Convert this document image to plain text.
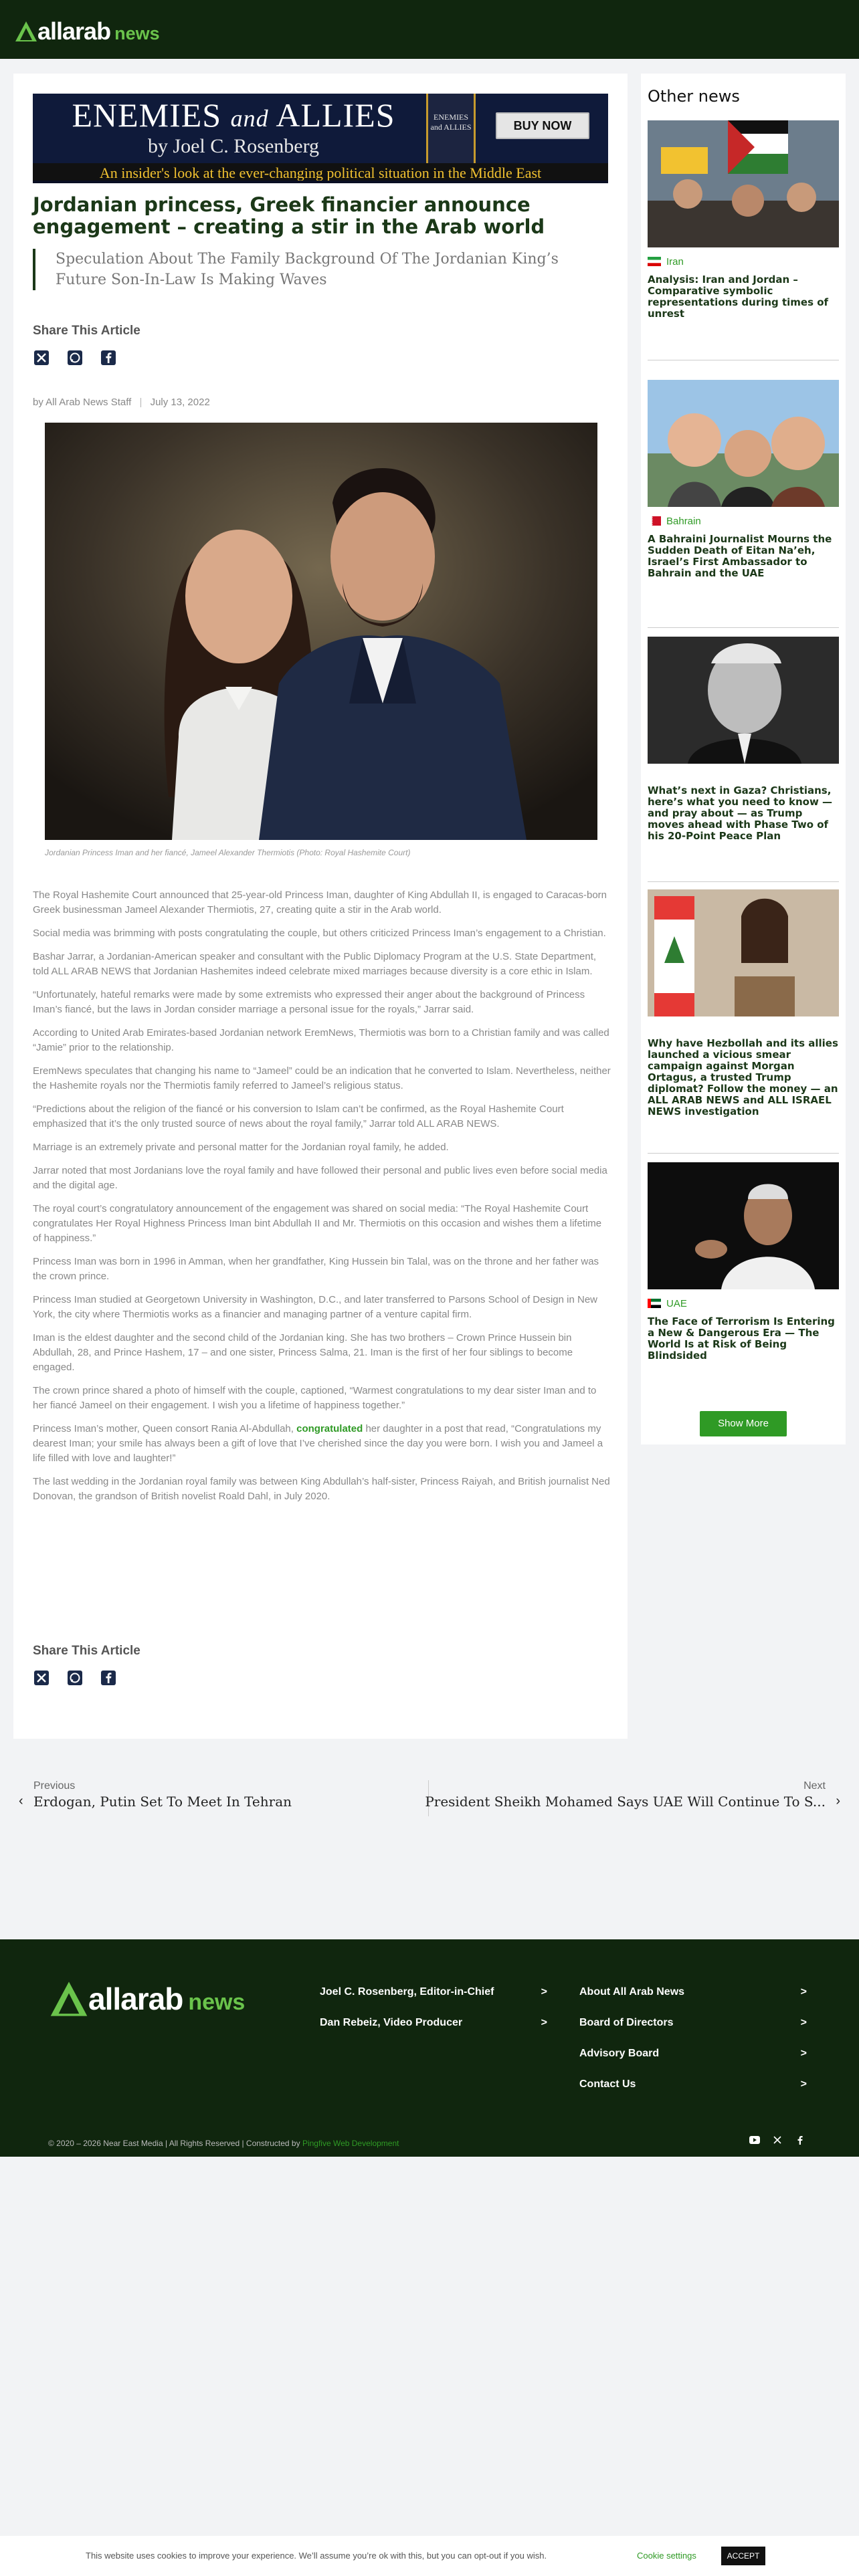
allarab news
ENEMIES and ALLIES
by Joel C. Rosenberg
ENEMIES and ALLIES	BUY NOW
An insider's look at the ever-changing political situation in the Middle East
Jordanian princess, Greek financier announce engagement – creating a stir in the Arab world
Speculation About The Family Background Of The Jordanian King’s Future Son-In-Law Is Making Waves
Share This Article
by All Arab News Staff | July 13, 2022
Jordanian Princess Iman and her fiancé, Jameel Alexander Thermiotis (Photo: Royal Hashemite Court)

The Royal Hashemite Court announced that 25-year-old Princess Iman, daughter of King Abdullah II, is engaged to Caracas-born Greek businessman Jameel Alexander Thermiotis, 27, creating quite a stir in the Arab world.

Social media was brimming with posts congratulating the couple, but others criticized Princess Iman’s engagement to a Christian.

Bashar Jarrar, a Jordanian-American speaker and consultant with the Public Diplomacy Program at the U.S. State Department, told ALL ARAB NEWS that Jordanian Hashemites indeed celebrate mixed marriages because diversity is a core ethic in Islam.

“Unfortunately, hateful remarks were made by some extremists who expressed their anger about the background of Princess Iman’s fiancé, but the laws in Jordan consider marriage a personal issue for the royals,” Jarrar said.

According to United Arab Emirates-based Jordanian network EremNews, Thermiotis was born to a Christian family and was called “Jamie” prior to the relationship.

EremNews speculates that changing his name to “Jameel” could be an indication that he converted to Islam. Nevertheless, neither the Hashemite royals nor the Thermiotis family referred to Jameel’s religious status.

“Predictions about the religion of the fiancé or his conversion to Islam can’t be confirmed, as the Royal Hashemite Court emphasized that it’s the only trusted source of news about the royal family,” Jarrar told ALL ARAB NEWS.

Marriage is an extremely private and personal matter for the Jordanian royal family, he added.

Jarrar noted that most Jordanians love the royal family and have followed their personal and public lives even before social media and the digital age.

The royal court’s congratulatory announcement of the engagement was shared on social media: “The Royal Hashemite Court congratulates Her Royal Highness Princess Iman bint Abdullah II and Mr. Thermiotis on this occasion and wishes them a lifetime of happiness.”

Princess Iman was born in 1996 in Amman, when her grandfather, King Hussein bin Talal, was on the throne and her father was the crown prince.

Princess Iman studied at Georgetown University in Washington, D.C., and later transferred to Parsons School of Design in New York, the city where Thermiotis works as a financier and managing partner of a venture capital firm.

Iman is the eldest daughter and the second child of the Jordanian king. She has two brothers – Crown Prince Hussein bin Abdullah, 28, and Prince Hashem, 17 – and one sister, Princess Salma, 21. Iman is the first of her four siblings to become engaged.

The crown prince shared a photo of himself with the couple, captioned, “Warmest congratulations to my dear sister Iman and to her fiancé Jameel on their engagement. I wish you a lifetime of happiness together.”

Princess Iman’s mother, Queen consort Rania Al-Abdullah, congratulated her daughter in a post that read, “Congratulations my dearest Iman; your smile has always been a gift of love that I’ve cherished since the day you were born. I wish you and Jameel a life filled with love and laughter!”

The last wedding in the Jordanian royal family was between King Abdullah’s half-sister, Princess Raiyah, and British journalist Ned Donovan, the grandson of British novelist Roald Dahl, in July 2020.

Share This Article
Other news
Iran
Analysis: Iran and Jordan – Comparative symbolic representations during times of unrest
Bahrain
A Bahraini Journalist Mourns the Sudden Death of Eitan Na’eh, Israel’s First Ambassador to Bahrain and the UAE
What’s next in Gaza? Christians, here’s what you need to know — and pray about — as Trump moves ahead with Phase Two of his 20-Point Peace Plan
Why have Hezbollah and its allies launched a vicious smear campaign against Morgan Ortagus, a trusted Trump diplomat? Follow the money — an ALL ARAB NEWS and ALL ISRAEL NEWS investigation
UAE
The Face of Terrorism Is Entering a New & Dangerous Era — The World Is at Risk of Being Blindsided
Show More
‹
Previous
Erdogan, Putin Set To Meet In Tehran	›
Next
President Sheikh Mohamed Says UAE Will Continue To S...
allarab news	Joel C. Rosenberg, Editor-in-Chief	>
Dan Rebeiz, Video Producer	>
About All Arab News	>
Board of Directors	>
Advisory Board	>
Contact Us	>
© 2020 – 2026 Near East Media | All Rights Reserved | Constructed by Pingfive Web Development
This website uses cookies to improve your experience. We’ll assume you’re ok with this, but you can opt-out if you wish.	Cookie settings	ACCEPT
